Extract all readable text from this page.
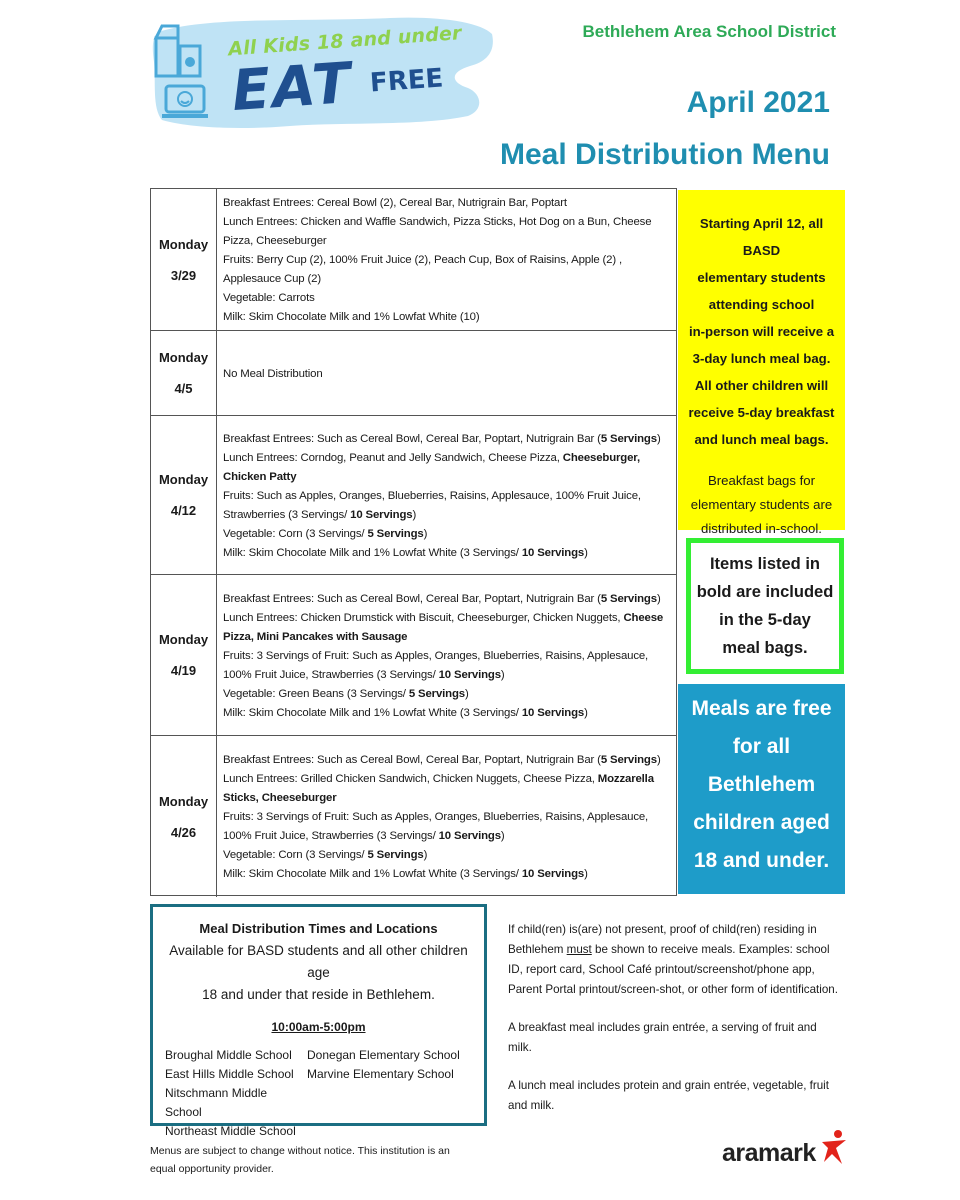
All Kids 18 and under
EAT FREE
Bethlehem Area School District
April 2021
Meal Distribution Menu
Monday
3/29
Breakfast Entrees: Cereal Bowl (2), Cereal Bar, Nutrigrain Bar, Poptart
Lunch Entrees: Chicken and Waffle Sandwich, Pizza Sticks, Hot Dog on a Bun, Cheese Pizza, Cheeseburger
Fruits: Berry Cup (2), 100% Fruit Juice (2), Peach Cup, Box of Raisins, Apple (2) , Applesauce Cup (2)
Vegetable: Carrots
Milk: Skim Chocolate Milk and 1% Lowfat White (10)
Monday
4/5
No Meal Distribution
Monday
4/12
Breakfast Entrees: Such as Cereal Bowl, Cereal Bar, Poptart, Nutrigrain Bar (5 Servings)
Lunch Entrees: Corndog, Peanut and Jelly Sandwich, Cheese Pizza, Cheeseburger, Chicken Patty
Fruits: Such as Apples, Oranges, Blueberries, Raisins, Applesauce, 100% Fruit Juice, Strawberries (3 Servings/ 10 Servings)
Vegetable: Corn (3 Servings/ 5 Servings)
Milk: Skim Chocolate Milk and 1% Lowfat White (3 Servings/ 10 Servings)
Monday
4/19
Breakfast Entrees: Such as Cereal Bowl, Cereal Bar, Poptart, Nutrigrain Bar (5 Servings)
Lunch Entrees: Chicken Drumstick with Biscuit, Cheeseburger, Chicken Nuggets, Cheese Pizza, Mini Pancakes with Sausage
Fruits: 3 Servings of Fruit: Such as Apples, Oranges, Blueberries, Raisins, Applesauce, 100% Fruit Juice, Strawberries (3 Servings/ 10 Servings)
Vegetable: Green Beans (3 Servings/ 5 Servings)
Milk: Skim Chocolate Milk and 1% Lowfat White (3 Servings/ 10 Servings)
Monday
4/26
Breakfast Entrees: Such as Cereal Bowl, Cereal Bar, Poptart, Nutrigrain Bar (5 Servings)
Lunch Entrees: Grilled Chicken Sandwich, Chicken Nuggets, Cheese Pizza, Mozzarella Sticks, Cheeseburger
Fruits: 3 Servings of Fruit: Such as Apples, Oranges, Blueberries, Raisins, Applesauce, 100% Fruit Juice, Strawberries (3 Servings/ 10 Servings)
Vegetable: Corn (3 Servings/ 5 Servings)
Milk: Skim Chocolate Milk and 1% Lowfat White (3 Servings/ 10 Servings)
Starting April 12, all BASD
elementary students
attending school
in-person will receive a
3-day lunch meal bag.
All other children will
receive 5-day breakfast
and lunch meal bags.
Breakfast bags for
elementary students are
distributed in-school.
Items listed in
bold are included
in the 5-day
meal bags.
Meals are free
for all
Bethlehem
children aged
18 and under.
Meal Distribution Times and Locations
Available for BASD students and all other children age
18 and under that reside in Bethlehem.
10:00am-5:00pm
Broughal Middle School
East Hills Middle School
Nitschmann Middle School
Northeast Middle School
Donegan Elementary School
Marvine Elementary School

If child(ren) is(are) not present, proof of child(ren) residing in Bethlehem must be shown to receive meals. Examples: school ID, report card, School Café printout/screenshot/phone app, Parent Portal printout/screen-shot, or other form of identification.

A breakfast meal includes grain entrée, a serving of fruit and milk.

A lunch meal includes protein and grain entrée, vegetable, fruit and milk.

Menus are subject to change without notice. This institution is an equal opportunity provider.
aramark
